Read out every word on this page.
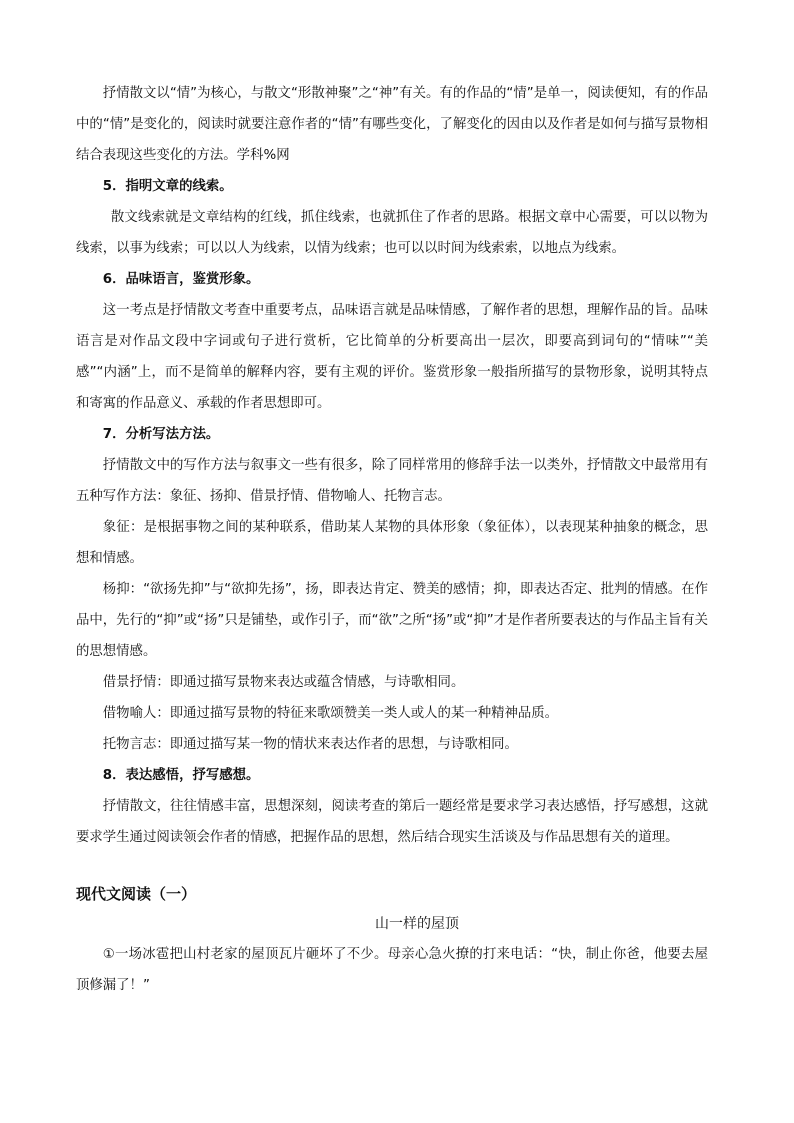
抒情散文以“情”为核心，与散文“形散神聚”之“神”有关。有的作品的“情”是单一，阅读便知，有的作品中的“情”是变化的，阅读时就要注意作者的“情”有哪些变化，了解变化的因由以及作者是如何与描写景物相结合表现这些变化的方法。学科%网

5．指明文章的线索。

散文线索就是文章结构的红线，抓住线索，也就抓住了作者的思路。根据文章中心需要，可以以物为线索，以事为线索；可以以人为线索，以情为线索；也可以以时间为线索索，以地点为线索。

6．品味语言，鉴赏形象。

这一考点是抒情散文考查中重要考点，品味语言就是品味情感，了解作者的思想，理解作品的旨。品味语言是对作品文段中字词或句子进行赏析，它比简单的分析要高出一层次，即要高到词句的“情味”“美感”“内涵”上，而不是简单的解释内容，要有主观的评价。鉴赏形象一般指所描写的景物形象，说明其特点和寄寓的作品意义、承载的作者思想即可。

7．分析写法方法。

抒情散文中的写作方法与叙事文一些有很多，除了同样常用的修辞手法一以类外，抒情散文中最常用有五种写作方法：象征、扬抑、借景抒情、借物喻人、托物言志。

象征：是根据事物之间的某种联系，借助某人某物的具体形象（象征体），以表现某种抽象的概念，思想和情感。

杨抑：“欲扬先抑”与“欲抑先扬”，扬，即表达肯定、赞美的感情；抑，即表达否定、批判的情感。在作品中，先行的“抑”或“扬”只是铺垫，或作引子，而“欲”之所“扬”或“抑”才是作者所要表达的与作品主旨有关的思想情感。

借景抒情：即通过描写景物来表达或蕴含情感，与诗歌相同。

借物喻人：即通过描写景物的特征来歌颂赞美一类人或人的某一种精神品质。

托物言志：即通过描写某一物的情状来表达作者的思想，与诗歌相同。

8．表达感悟，抒写感想。

抒情散文，往往情感丰富，思想深刻，阅读考查的第后一题经常是要求学习表达感悟，抒写感想，这就要求学生通过阅读领会作者的情感，把握作品的思想，然后结合现实生活谈及与作品思想有关的道理。

现代文阅读（一）

山一样的屋顶

①一场冰雹把山村老家的屋顶瓦片砸坏了不少。母亲心急火撩的打来电话：“快，制止你爸，他要去屋顶修漏了！”
